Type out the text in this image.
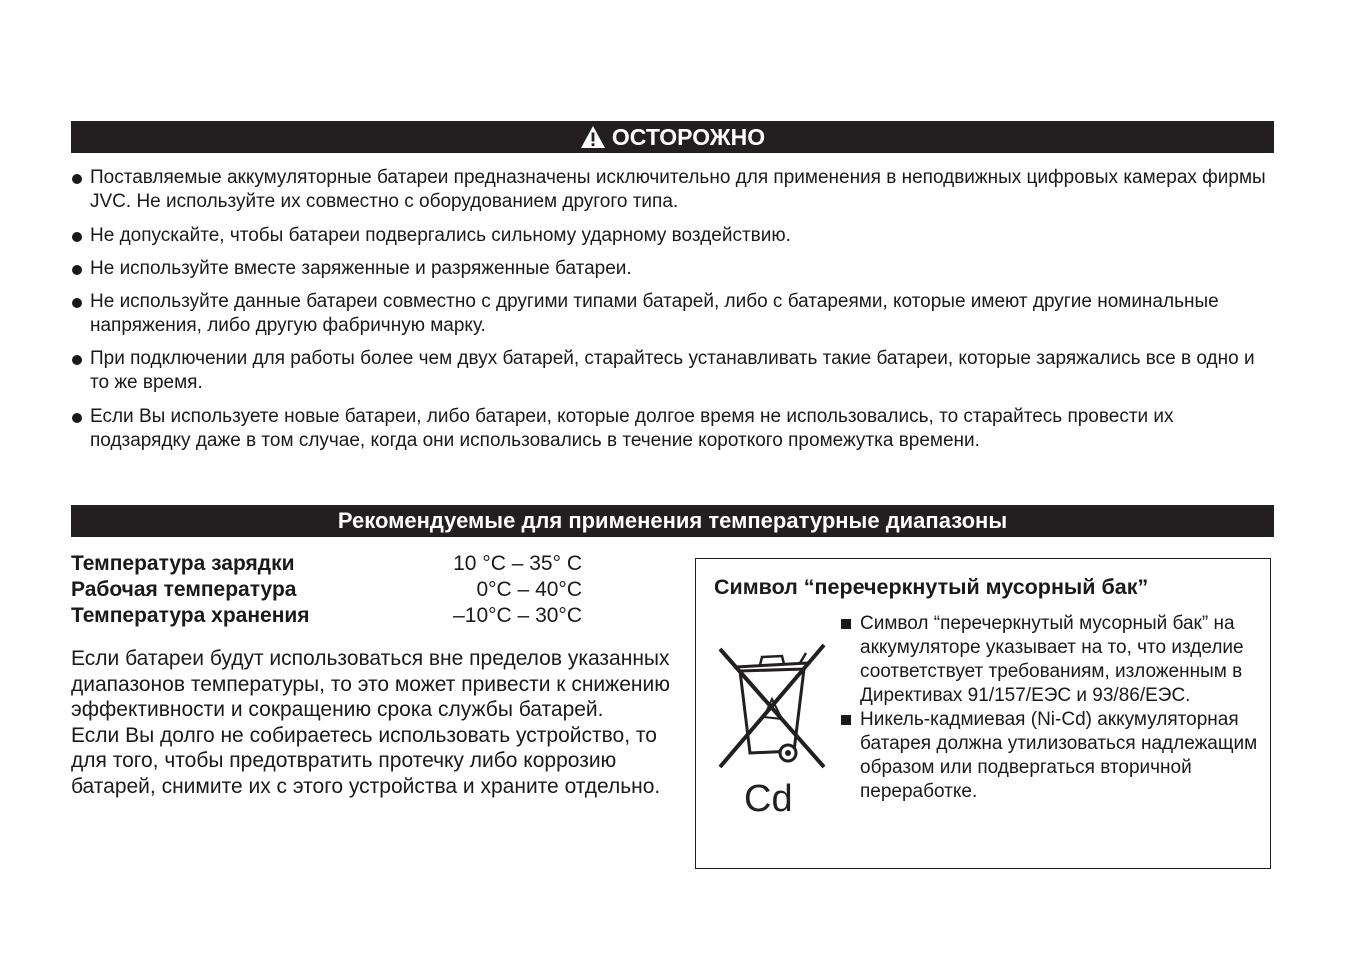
ОСТОРОЖНО
Поставляемые аккумуляторные батареи предназначены исключительно для применения в неподвижных цифровых камерах фирмы JVC. Не используйте их совместно с оборудованием другого типа.
Не допускайте, чтобы батареи подвергались сильному ударному воздействию.
Не используйте вместе заряженные и разряженные батареи.
Не используйте данные батареи совместно с другими типами батарей, либо с батареями, которые имеют другие номинальные напряжения, либо другую фабричную марку.
При подключении для работы более чем двух батарей, старайтесь устанавливать такие батареи, которые заряжались все в одно и то же время.
Если Вы используете новые батареи, либо батареи, которые долгое время не использовались, то старайтесь провести их подзарядку даже в том случае, когда они использовались в течение короткого промежутка времени.
Рекомендуемые для применения температурные диапазоны
Температура зарядки	10 °C – 35° C
Рабочая температура	0°C – 40°C
Температура хранения	–10°C – 30°C

Если батареи будут использоваться вне пределов указанных диапазонов температуры, то это может привести к снижению эффективности и сокращению срока службы батарей.

Если Вы долго не собираетесь использовать устройство, то для того, чтобы предотвратить протечку либо коррозию батарей, снимите их с этого устройства и храните отдельно.

Символ “перечеркнутый мусорный бак”
Cd
Символ “перечеркнутый мусорный бак” на аккумуляторе указывает на то, что изделие соответствует требованиям, изложенным в Директивах 91/157/ЕЭС и 93/86/ЕЭС.
Никель-кадмиевая (Ni-Cd) аккумуляторная батарея должна утилизоваться надлежащим образом или подвергаться вторичной переработке.
